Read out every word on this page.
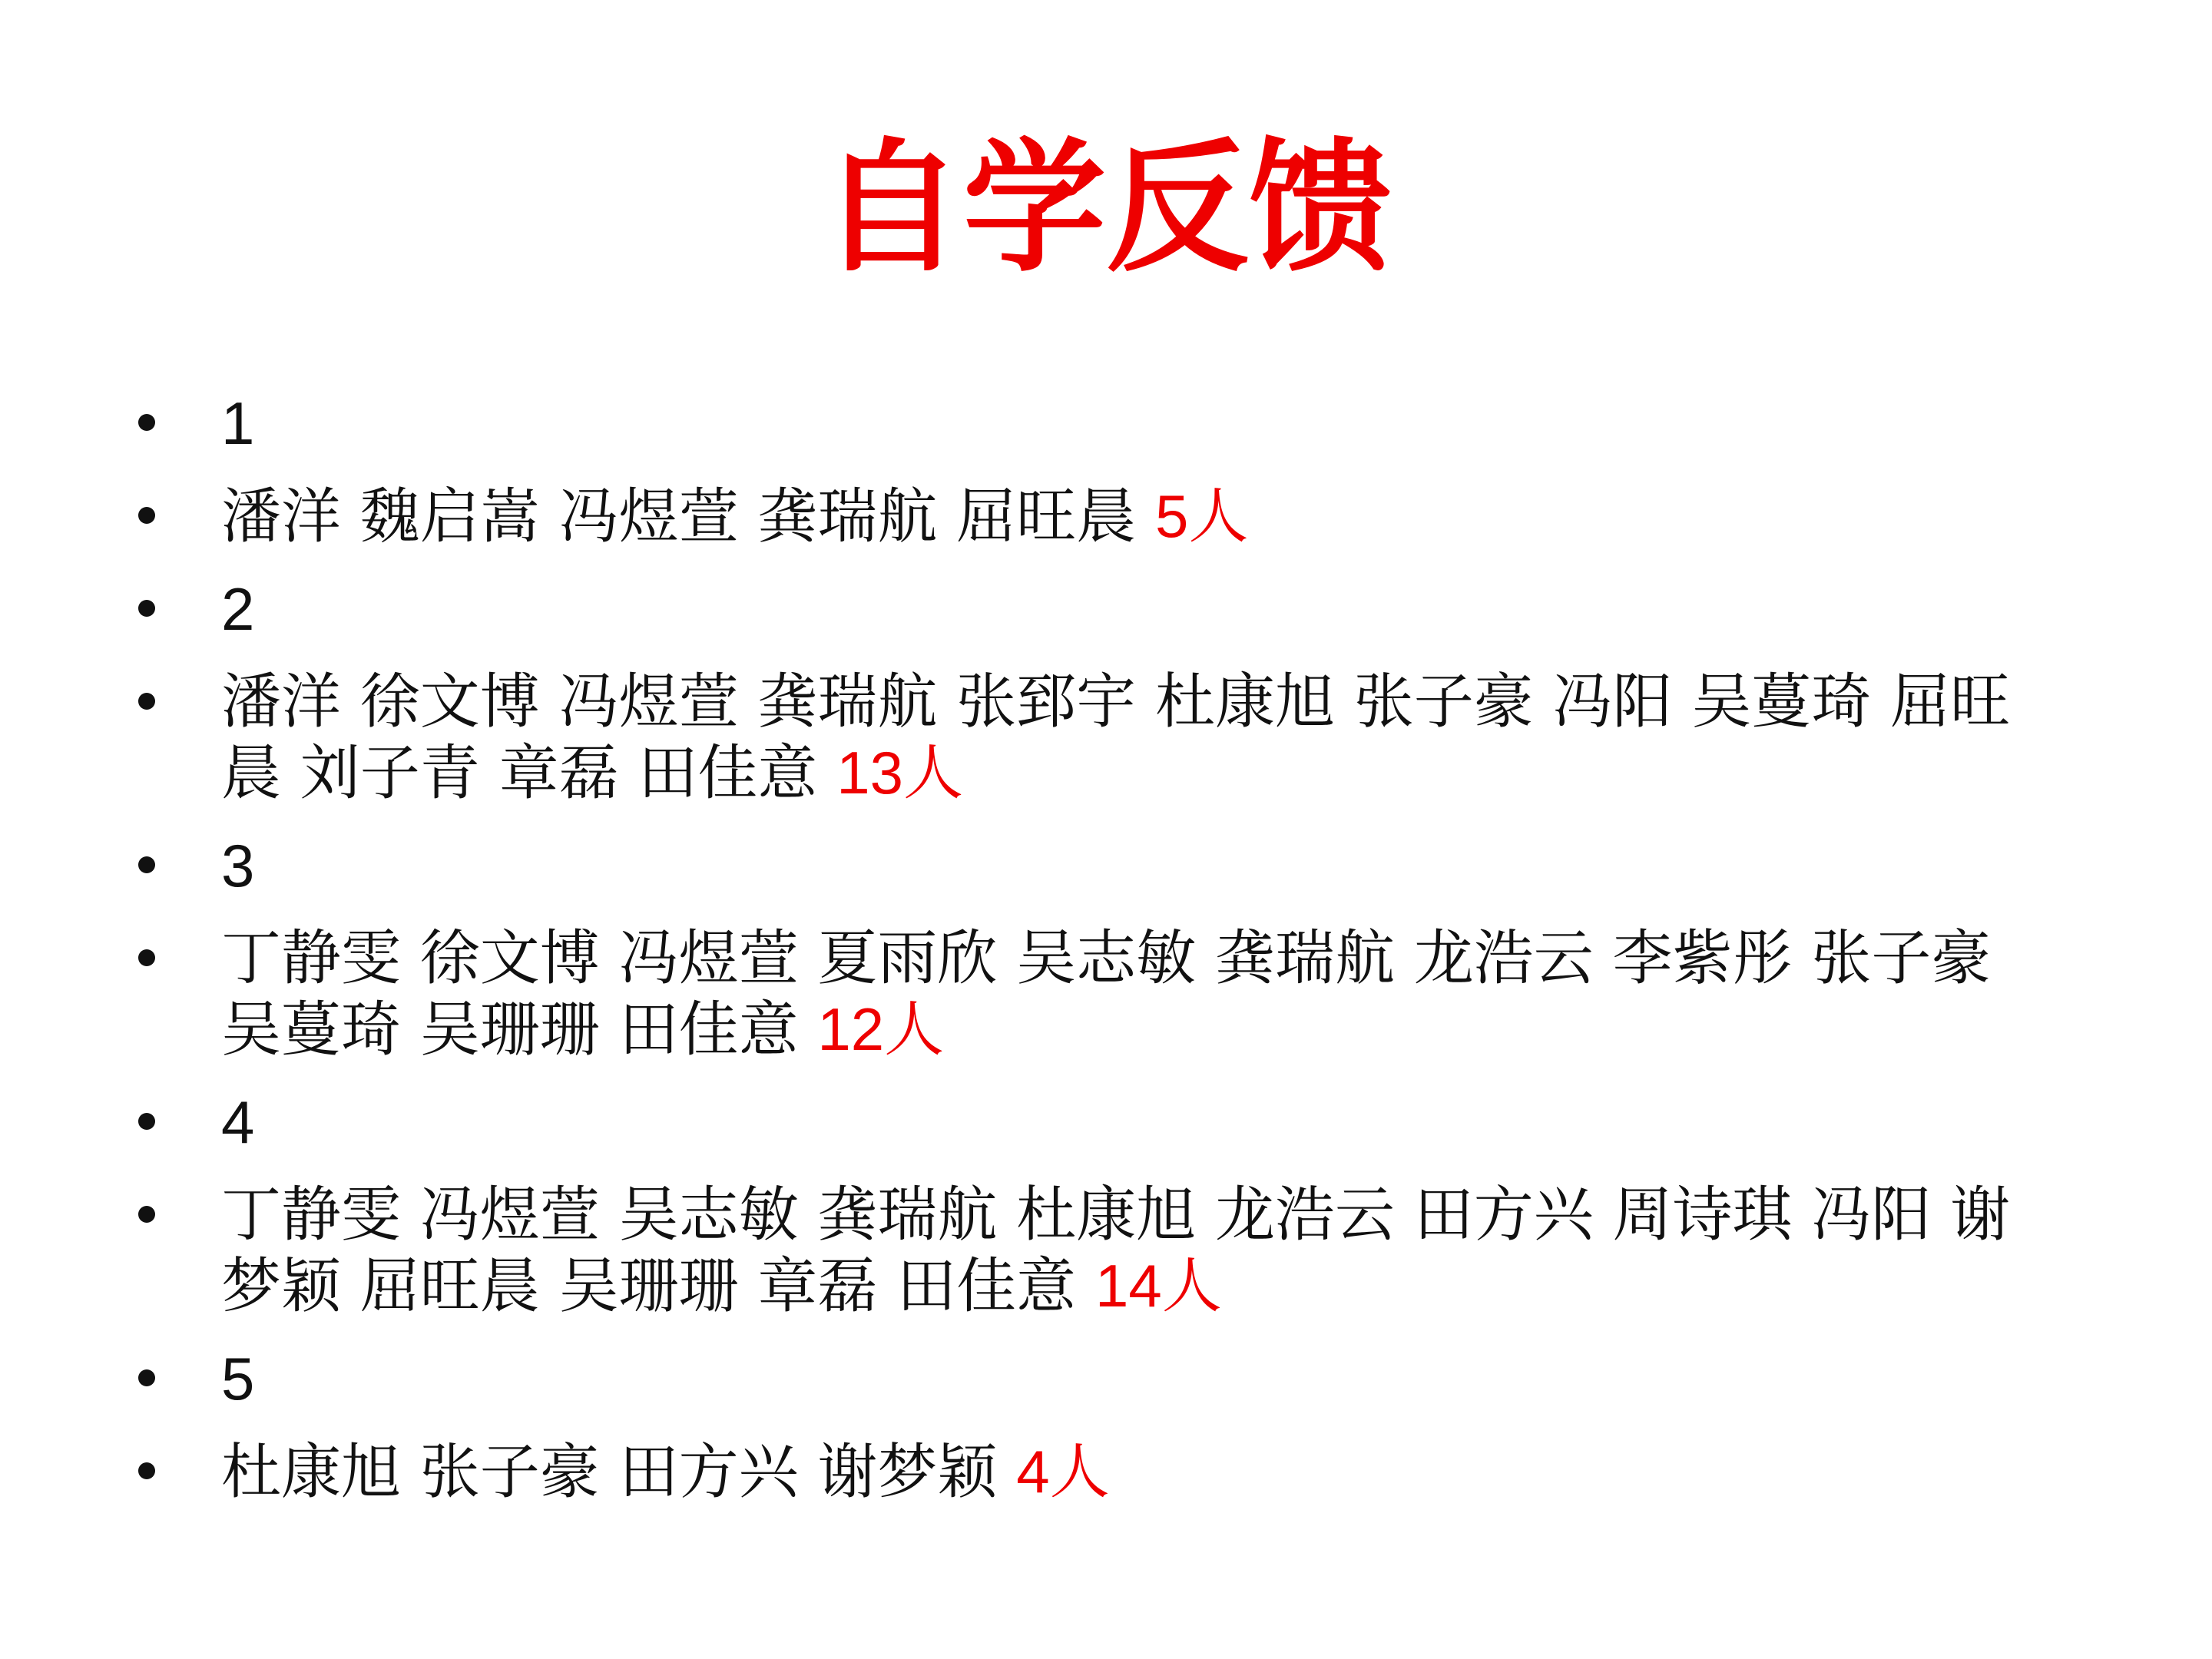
自学反馈
1
潘洋 魏启嵩 冯煜萱 龚瑞航 屈旺晨 5人
2
潘洋 徐文博 冯煜萱 龚瑞航 张郅宇 杜康旭 张子豪 冯阳 吴蔓琦 屈旺晨 刘子青 章磊 田佳意 13人
3
丁静雯 徐文博 冯煜萱 夏雨欣 吴志敏 龚瑞航 龙浩云 李紫彤 张子豪 吴蔓琦 吴珊珊 田佳意 12人
4
丁静雯 冯煜萱 吴志敏 龚瑞航 杜康旭 龙浩云 田方兴 周诗琪 冯阳 谢梦颖 屈旺晨 吴珊珊 章磊 田佳意 14人
5
杜康旭 张子豪 田方兴 谢梦颖 4人
